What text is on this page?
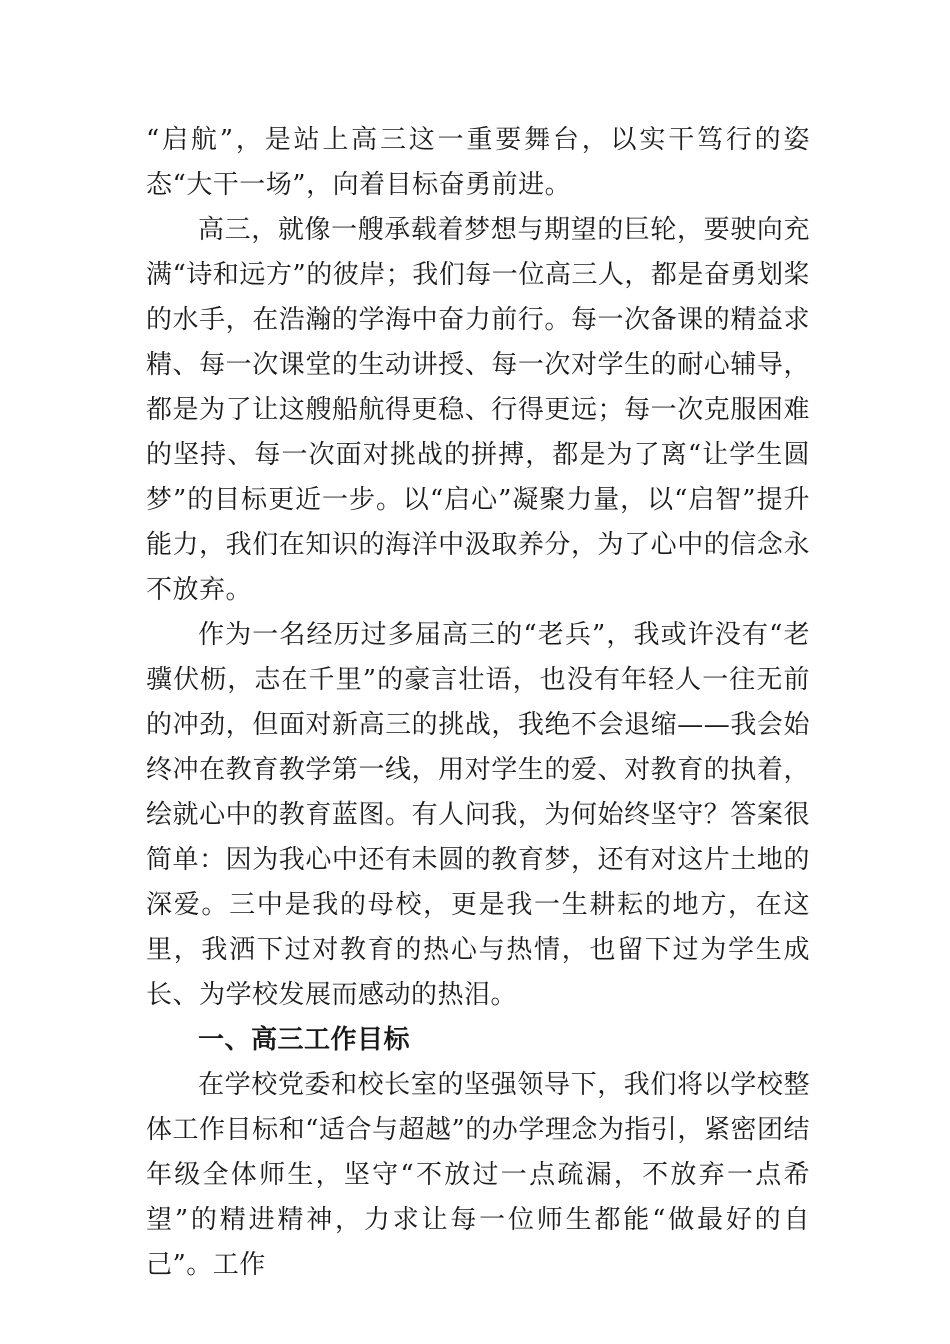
“启航”，是站上高三这一重要舞台，以实干笃行的姿态“大干一场”，向着目标奋勇前进。

高三，就像一艘承载着梦想与期望的巨轮，要驶向充满“诗和远方”的彼岸；我们每一位高三人，都是奋勇划桨的水手，在浩瀚的学海中奋力前行。每一次备课的精益求精、每一次课堂的生动讲授、每一次对学生的耐心辅导，都是为了让这艘船航得更稳、行得更远；每一次克服困难的坚持、每一次面对挑战的拼搏，都是为了离“让学生圆梦”的目标更近一步。以“启心”凝聚力量，以“启智”提升能力，我们在知识的海洋中汲取养分，为了心中的信念永不放弃。

作为一名经历过多届高三的“老兵”，我或许没有“老骥伏枥，志在千里”的豪言壮语，也没有年轻人一往无前的冲劲，但面对新高三的挑战，我绝不会退缩——我会始终冲在教育教学第一线，用对学生的爱、对教育的执着，绘就心中的教育蓝图。有人问我，为何始终坚守？答案很简单：因为我心中还有未圆的教育梦，还有对这片土地的深爱。三中是我的母校，更是我一生耕耘的地方，在这里，我洒下过对教育的热心与热情，也留下过为学生成长、为学校发展而感动的热泪。

一、高三工作目标

在学校党委和校长室的坚强领导下，我们将以学校整体工作目标和“适合与超越”的办学理念为指引，紧密团结年级全体师生，坚守“不放过一点疏漏，不放弃一点希望”的精进精神，力求让每一位师生都能“做最好的自己”。工作
